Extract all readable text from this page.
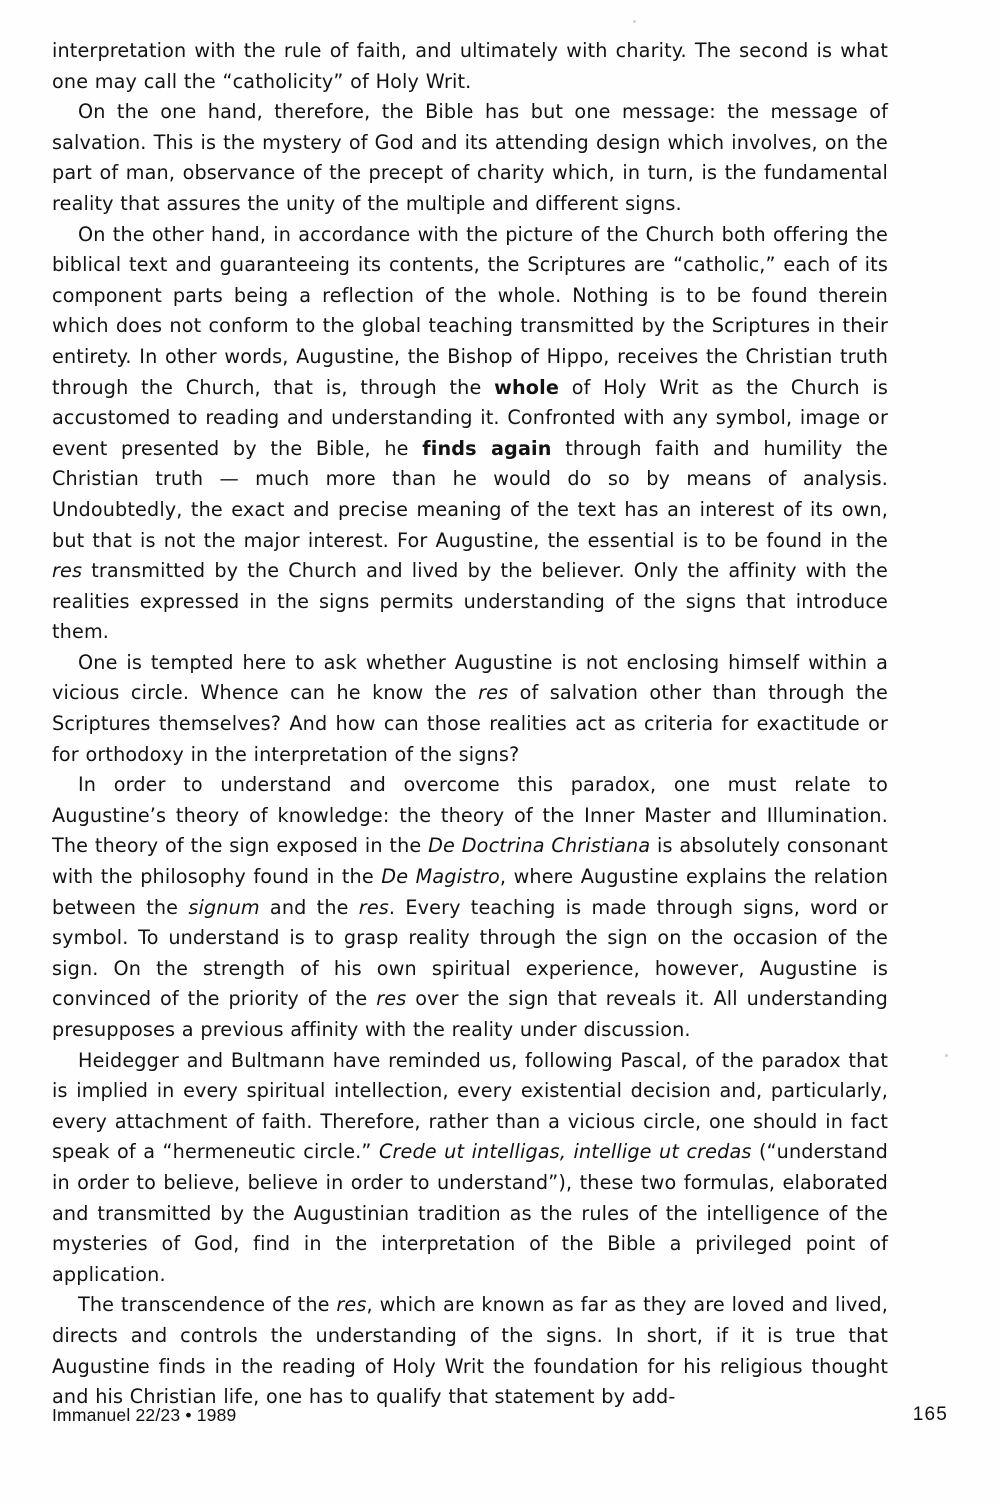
interpretation with the rule of faith, and ultimately with charity. The second is what one may call the “catholicity” of Holy Writ.

On the one hand, therefore, the Bible has but one message: the message of salvation. This is the mystery of God and its attending design which involves, on the part of man, observance of the precept of charity which, in turn, is the fundamental reality that assures the unity of the multiple and different signs.

On the other hand, in accordance with the picture of the Church both offering the biblical text and guaranteeing its contents, the Scriptures are “catholic,” each of its component parts being a reflection of the whole. Nothing is to be found therein which does not conform to the global teaching transmitted by the Scriptures in their entirety. In other words, Augustine, the Bishop of Hippo, receives the Christian truth through the Church, that is, through the whole of Holy Writ as the Church is accustomed to reading and understanding it. Confronted with any symbol, image or event presented by the Bible, he finds again through faith and humility the Christian truth — much more than he would do so by means of analysis. Undoubtedly, the exact and precise meaning of the text has an interest of its own, but that is not the major interest. For Augustine, the essential is to be found in the res transmitted by the Church and lived by the believer. Only the affinity with the realities expressed in the signs permits understanding of the signs that introduce them.

One is tempted here to ask whether Augustine is not enclosing himself within a vicious circle. Whence can he know the res of salvation other than through the Scriptures themselves? And how can those realities act as criteria for exactitude or for orthodoxy in the interpretation of the signs?

In order to understand and overcome this paradox, one must relate to Augustine’s theory of knowledge: the theory of the Inner Master and Illumination. The theory of the sign exposed in the De Doctrina Christiana is absolutely consonant with the philosophy found in the De Magistro, where Augustine explains the relation between the signum and the res. Every teaching is made through signs, word or symbol. To understand is to grasp reality through the sign on the occasion of the sign. On the strength of his own spiritual experience, however, Augustine is convinced of the priority of the res over the sign that reveals it. All understanding presupposes a previous affinity with the reality under discussion.

Heidegger and Bultmann have reminded us, following Pascal, of the paradox that is implied in every spiritual intellection, every existential decision and, particularly, every attachment of faith. Therefore, rather than a vicious circle, one should in fact speak of a “hermeneutic circle.” Crede ut intelligas, intellige ut credas (“understand in order to believe, believe in order to understand”), these two formulas, elaborated and transmitted by the Augustinian tradition as the rules of the intelligence of the mysteries of God, find in the interpretation of the Bible a privileged point of application.

The transcendence of the res, which are known as far as they are loved and lived, directs and controls the understanding of the signs. In short, if it is true that Augustine finds in the reading of Holy Writ the foundation for his religious thought and his Christian life, one has to qualify that statement by add-

Immanuel 22/23 • 1989	165
